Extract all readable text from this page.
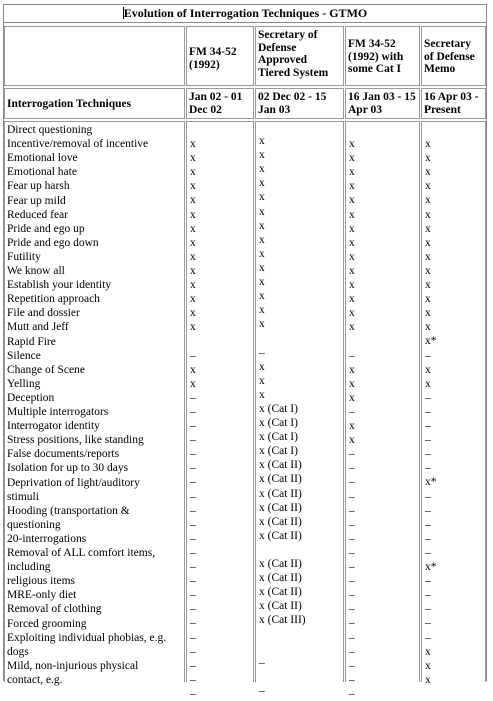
Evolution of Interrogation Techniques - GTMO
FM 34-52 (1992)
Secretary of Defense Approved Tiered System
FM 34-52 (1992) with some Cat I
Secretary of Defense Memo
Interrogation Techniques
Jan 02 - 01 Dec 02
02 Dec 02 - 15 Jan 03
16 Jan 03 - 15 Apr 03
16 Apr 03 - Present
Direct questioning
Incentive/removal of incentive
Emotional love
Emotional hate
Fear up harsh
Fear up mild
Reduced fear
Pride and ego up
Pride and ego down
Futility
We know all
Establish your identity
Repetition approach
File and dossier
Mutt and Jeff
Rapid Fire
Silence
Change of Scene
Yelling
Deception
Multiple interrogators
Interrogator identity
Stress positions, like standing
False documents/reports
Isolation for up to 30 days
Deprivation of light/auditory
stimuli
Hooding (transportation &
questioning
20-interrogations
Removal of ALL comfort items,
including
religious items
MRE-only diet
Removal of clothing
Forced grooming
Exploiting individual phobias, e.g.
dogs
Mild, non-injurious physical
contact, e.g.
x
x
x
x
x
x
x
x
x
x
x
x
x
x
–
x
x
–
–
–
–
–
–
–
–
–
–
–
–
–
–
–
–
–
–
–
–
–
–
x
x
x
x
x
x
x
x
x
x
x
x
x
x
–
x
x
x
x (Cat I)
x (Cat I)
x (Cat I)
x (Cat I)
x (Cat II)
x (Cat II)
x (Cat II)
x (Cat II)
x (Cat II)
x (Cat II)
x (Cat II)
x (Cat II)
x (Cat II)
x (Cat II)
x (Cat III)
–
–
x
x
x
x
x
x
x
x
x
x
x
x
x
x
–
x
x
x
–
x
x
–
–
–
–
–
–
–
–
–
–
–
–
–
–
–
–
–
–
x
x
x
x
x
x
x
x
x
x
x
x
x
x
x*
–
x
x
–
–
–
–
–
–
x*
–
–
–
–
–
x*
–
–
–
–
–
x
x
x
